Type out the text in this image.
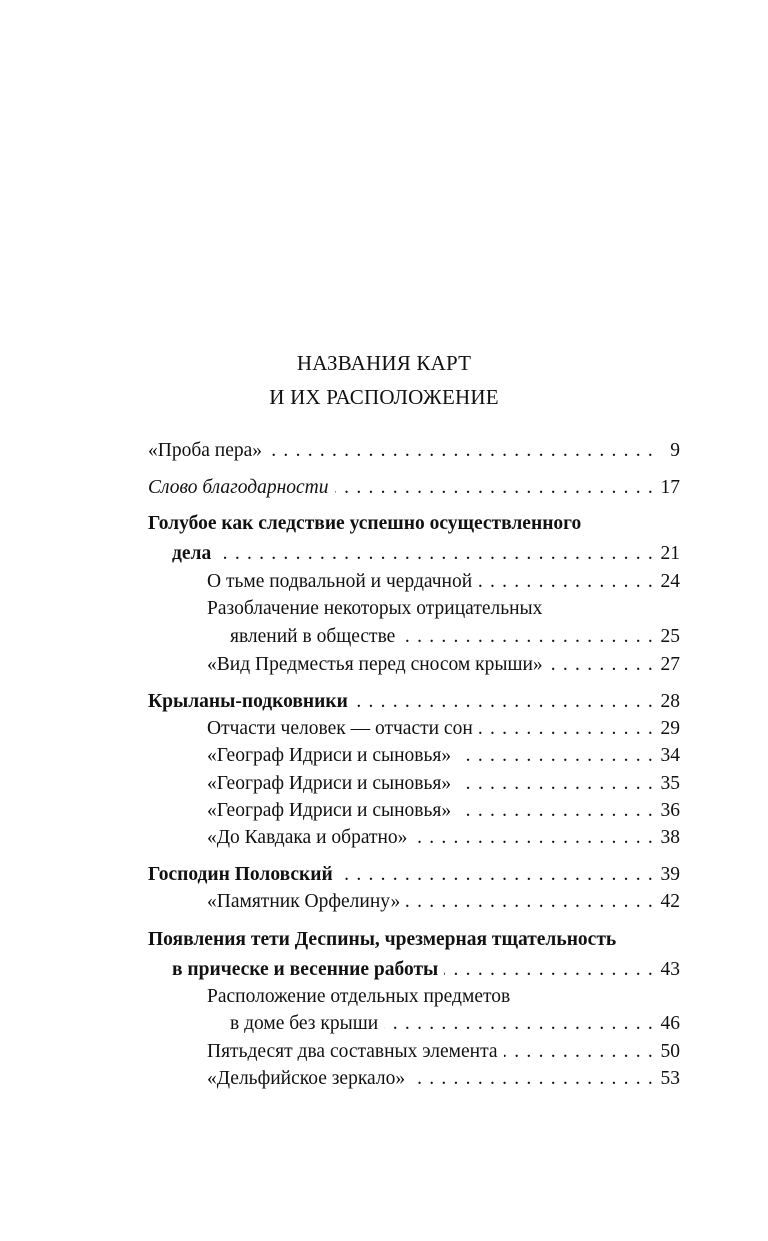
НАЗВАНИЯ КАРТ
И ИХ РАСПОЛОЖЕНИЕ
«Проба пера» . . .	9
Слово благодарности . . .	17
Голубое как следствие успешно осуществленного
дела . . .	21
О тьме подвальной и чердачной . . .	24
Разоблачение некоторых отрицательных
явлений в обществе . . .	25
«Вид Предместья перед сносом крыши» . . .	27
Крыланы-подковники . . .	28
Отчасти человек — отчасти сон . . .	29
«Географ Идриси и сыновья» . . .	34
«Географ Идриси и сыновья» . . .	35
«Географ Идриси и сыновья» . . .	36
«До Кавдака и обратно» . . .	38
Господин Половский . . .	39
«Памятник Орфелину» . . .	42
Появления тети Деспины, чрезмерная тщательность
в прическе и весенние работы . . .	43
Расположение отдельных предметов
в доме без крыши . . .	46
Пятьдесят два составных элемента . . .	50
«Дельфийское зеркало» . . .	53
